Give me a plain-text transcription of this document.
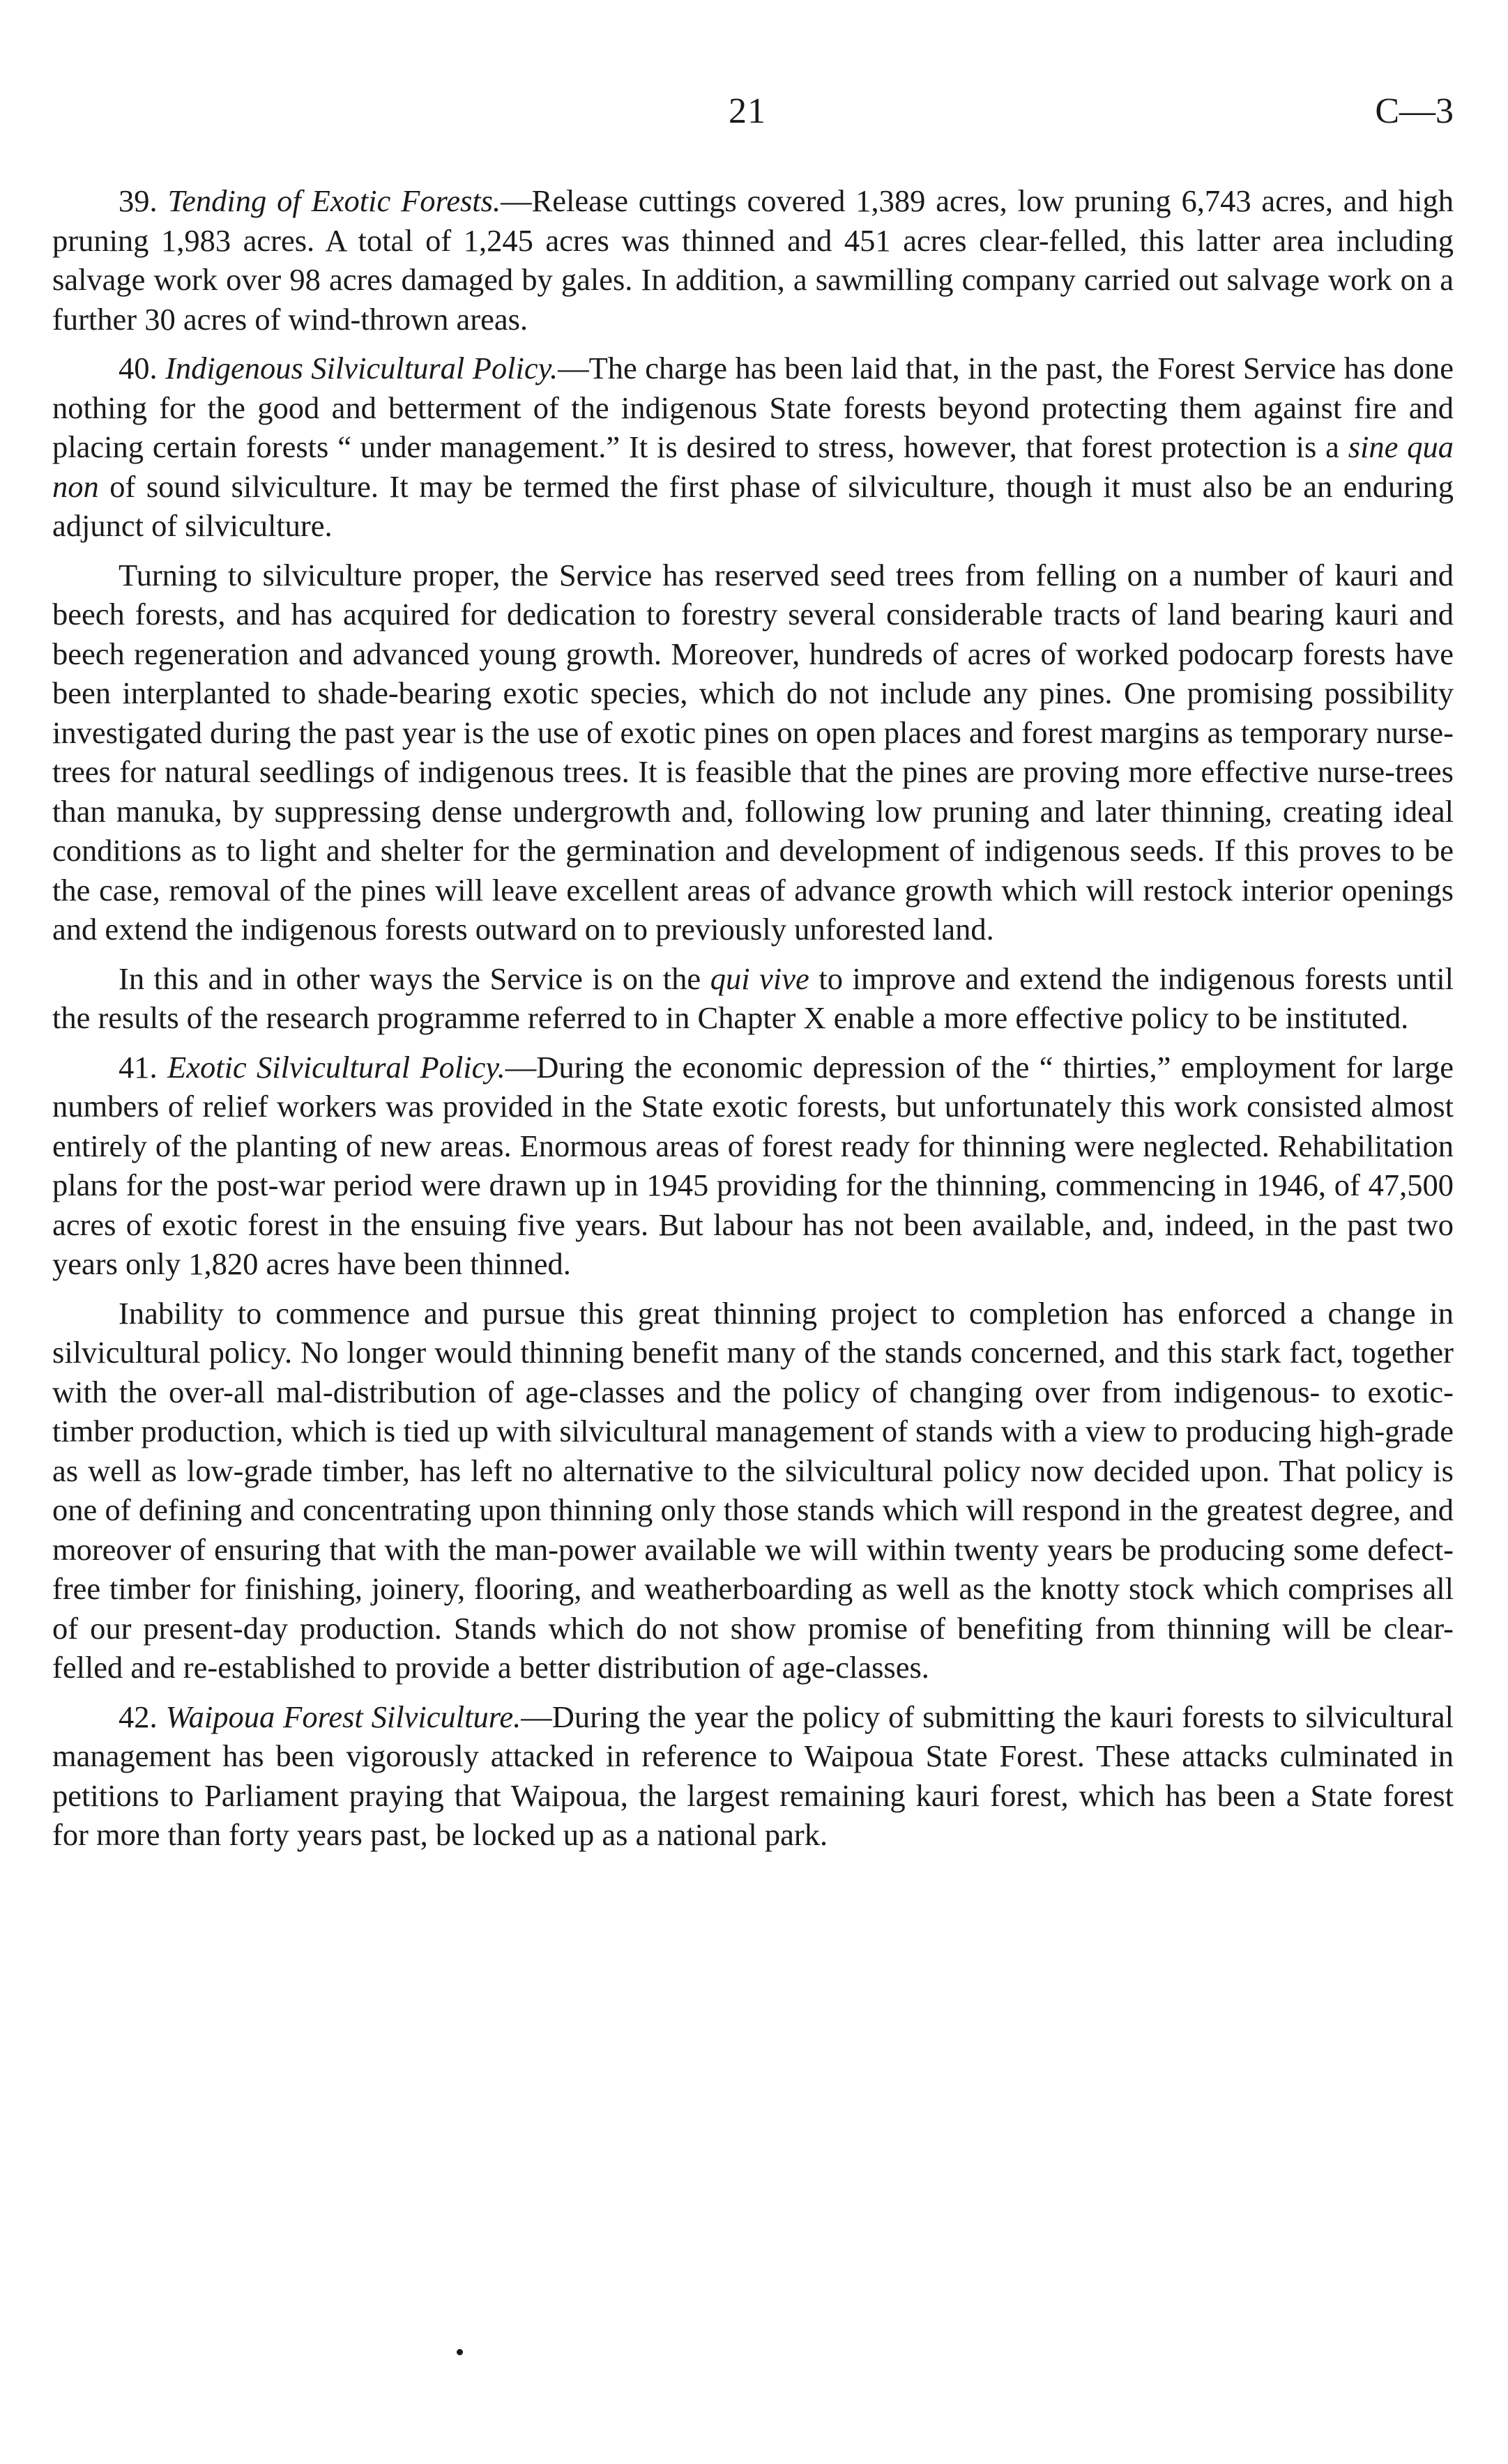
21	C—3

39. Tending of Exotic Forests.—Release cuttings covered 1,389 acres, low pruning 6,743 acres, and high pruning 1,983 acres. A total of 1,245 acres was thinned and 451 acres clear-felled, this latter area including salvage work over 98 acres damaged by gales. In addition, a sawmilling company carried out salvage work on a further 30 acres of wind-thrown areas.

40. Indigenous Silvicultural Policy.—The charge has been laid that, in the past, the Forest Service has done nothing for the good and betterment of the indigenous State forests beyond protecting them against fire and placing certain forests “ under management.” It is desired to stress, however, that forest protection is a sine qua non of sound silviculture. It may be termed the first phase of silviculture, though it must also be an enduring adjunct of silviculture.

Turning to silviculture proper, the Service has reserved seed trees from felling on a number of kauri and beech forests, and has acquired for dedication to forestry several considerable tracts of land bearing kauri and beech regeneration and advanced young growth. Moreover, hundreds of acres of worked podocarp forests have been interplanted to shade-bearing exotic species, which do not include any pines. One promising possibility investigated during the past year is the use of exotic pines on open places and forest margins as temporary nurse-trees for natural seedlings of indigenous trees. It is feasible that the pines are proving more effective nurse-trees than manuka, by suppressing dense undergrowth and, following low pruning and later thinning, creating ideal conditions as to light and shelter for the germination and development of indigenous seeds. If this proves to be the case, removal of the pines will leave excellent areas of advance growth which will restock interior openings and extend the indigenous forests outward on to previously unforested land.

In this and in other ways the Service is on the qui vive to improve and extend the indigenous forests until the results of the research programme referred to in Chapter X enable a more effective policy to be instituted.

41. Exotic Silvicultural Policy.—During the economic depression of the “ thirties,” employment for large numbers of relief workers was provided in the State exotic forests, but unfortunately this work consisted almost entirely of the planting of new areas. Enormous areas of forest ready for thinning were neglected. Rehabilitation plans for the post-war period were drawn up in 1945 providing for the thinning, commencing in 1946, of 47,500 acres of exotic forest in the ensuing five years. But labour has not been available, and, indeed, in the past two years only 1,820 acres have been thinned.

Inability to commence and pursue this great thinning project to completion has enforced a change in silvicultural policy. No longer would thinning benefit many of the stands concerned, and this stark fact, together with the over-all mal-distribution of age-classes and the policy of changing over from indigenous- to exotic-timber production, which is tied up with silvicultural management of stands with a view to producing high-grade as well as low-grade timber, has left no alternative to the silvicultural policy now decided upon. That policy is one of defining and concentrating upon thinning only those stands which will respond in the greatest degree, and moreover of ensuring that with the man-power available we will within twenty years be producing some defect-free timber for finishing, joinery, flooring, and weatherboarding as well as the knotty stock which comprises all of our present-day production. Stands which do not show promise of benefiting from thinning will be clear-felled and re-established to provide a better distribution of age-classes.

42. Waipoua Forest Silviculture.—During the year the policy of submitting the kauri forests to silvicultural management has been vigorously attacked in reference to Waipoua State Forest. These attacks culminated in petitions to Parliament praying that Waipoua, the largest remaining kauri forest, which has been a State forest for more than forty years past, be locked up as a national park.
